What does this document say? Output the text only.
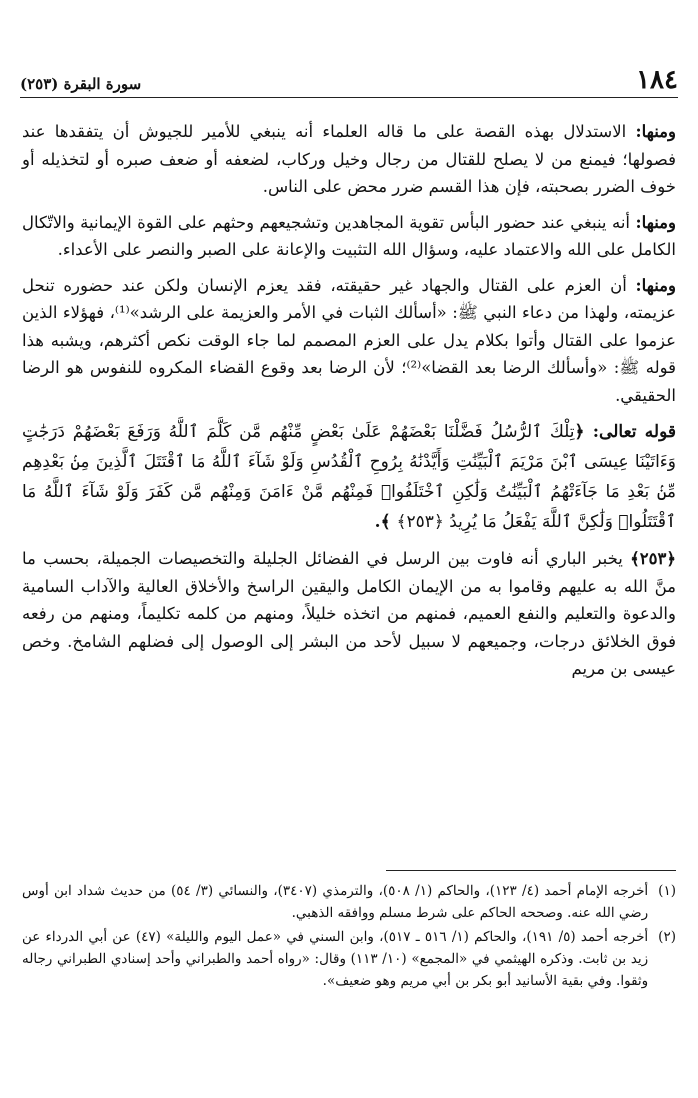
١٨٤
سورة البقرة (٢٥٣)

ومنها: الاستدلال بهذه القصة على ما قاله العلماء أنه ينبغي للأمير للجيوش أن يتفقدها عند فصولها؛ فيمنع من لا يصلح للقتال من رجال وخيل وركاب، لضعفه أو ضعف صبره أو لتخذيله أو خوف الضرر بصحبته، فإن هذا القسم ضرر محض على الناس.

ومنها: أنه ينبغي عند حضور البأس تقوية المجاهدين وتشجيعهم وحثهم على القوة الإيمانية والاتّكال الكامل على الله والاعتماد عليه، وسؤال الله التثبيت والإعانة على الصبر والنصر على الأعداء.

ومنها: أن العزم على القتال والجهاد غير حقيقته، فقد يعزم الإنسان ولكن عند حضوره تنحل عزيمته، ولهذا من دعاء النبي ﷺ: «أسألك الثبات في الأمر والعزيمة على الرشد»⁽¹⁾، فهؤلاء الذين عزموا على القتال وأتوا بكلام يدل على العزم المصمم لما جاء الوقت نكص أكثرهم، ويشبه هذا قوله ﷺ: «وأسألك الرضا بعد القضا»⁽²⁾؛ لأن الرضا بعد وقوع القضاء المكروه للنفوس هو الرضا الحقيقي.

قوله تعالى: ﴿تِلْكَ ٱلرُّسُلُ فَضَّلْنَا بَعْضَهُمْ عَلَىٰ بَعْضٍ مِّنْهُم مَّن كَلَّمَ ٱللَّهُ وَرَفَعَ بَعْضَهُمْ دَرَجَٰتٍ وَءَاتَيْنَا عِيسَى ٱبْنَ مَرْيَمَ ٱلْبَيِّنَٰتِ وَأَيَّدْنَٰهُ بِرُوحِ ٱلْقُدُسِ وَلَوْ شَآءَ ٱللَّهُ مَا ٱقْتَتَلَ ٱلَّذِينَ مِنۢ بَعْدِهِم مِّنۢ بَعْدِ مَا جَآءَتْهُمُ ٱلْبَيِّنَٰتُ وَلَٰكِنِ ٱخْتَلَفُوا۟ فَمِنْهُم مَّنْ ءَامَنَ وَمِنْهُم مَّن كَفَرَ وَلَوْ شَآءَ ٱللَّهُ مَا ٱقْتَتَلُوا۟ وَلَٰكِنَّ ٱللَّهَ يَفْعَلُ مَا يُرِيدُ ﴿٢٥٣﴾ ﴾.

﴿٢٥٣﴾ يخبر الباري أنه فاوت بين الرسل في الفضائل الجليلة والتخصيصات الجميلة، بحسب ما منَّ الله به عليهم وقاموا به من الإيمان الكامل واليقين الراسخ والأخلاق العالية والآداب السامية والدعوة والتعليم والنفع العميم، فمنهم من اتخذه خليلاً، ومنهم من كلمه تكليماً، ومنهم من رفعه فوق الخلائق درجات، وجميعهم لا سبيل لأحد من البشر إلى الوصول إلى فضلهم الشامخ. وخص عيسى بن مريم

(١)
أخرجه الإمام أحمد (٤/ ١٢٣)، والحاكم (١/ ٥٠٨)، والترمذي (٣٤٠٧)، والنسائي (٣/ ٥٤) من حديث شداد ابن أوس رضي الله عنه. وصححه الحاكم على شرط مسلم ووافقه الذهبي.
(٢)
أخرجه أحمد (٥/ ١٩١)، والحاكم (١/ ٥١٦ ـ ٥١٧)، وابن السني في «عمل اليوم والليلة» (٤٧) عن أبي الدرداء عن زيد بن ثابت. وذكره الهيثمي في «المجمع» (١٠/ ١١٣) وقال: «رواه أحمد والطبراني وأحد إسنادي الطبراني رجاله وثقوا. وفي بقية الأسانيد أبو بكر بن أبي مريم وهو ضعيف».
